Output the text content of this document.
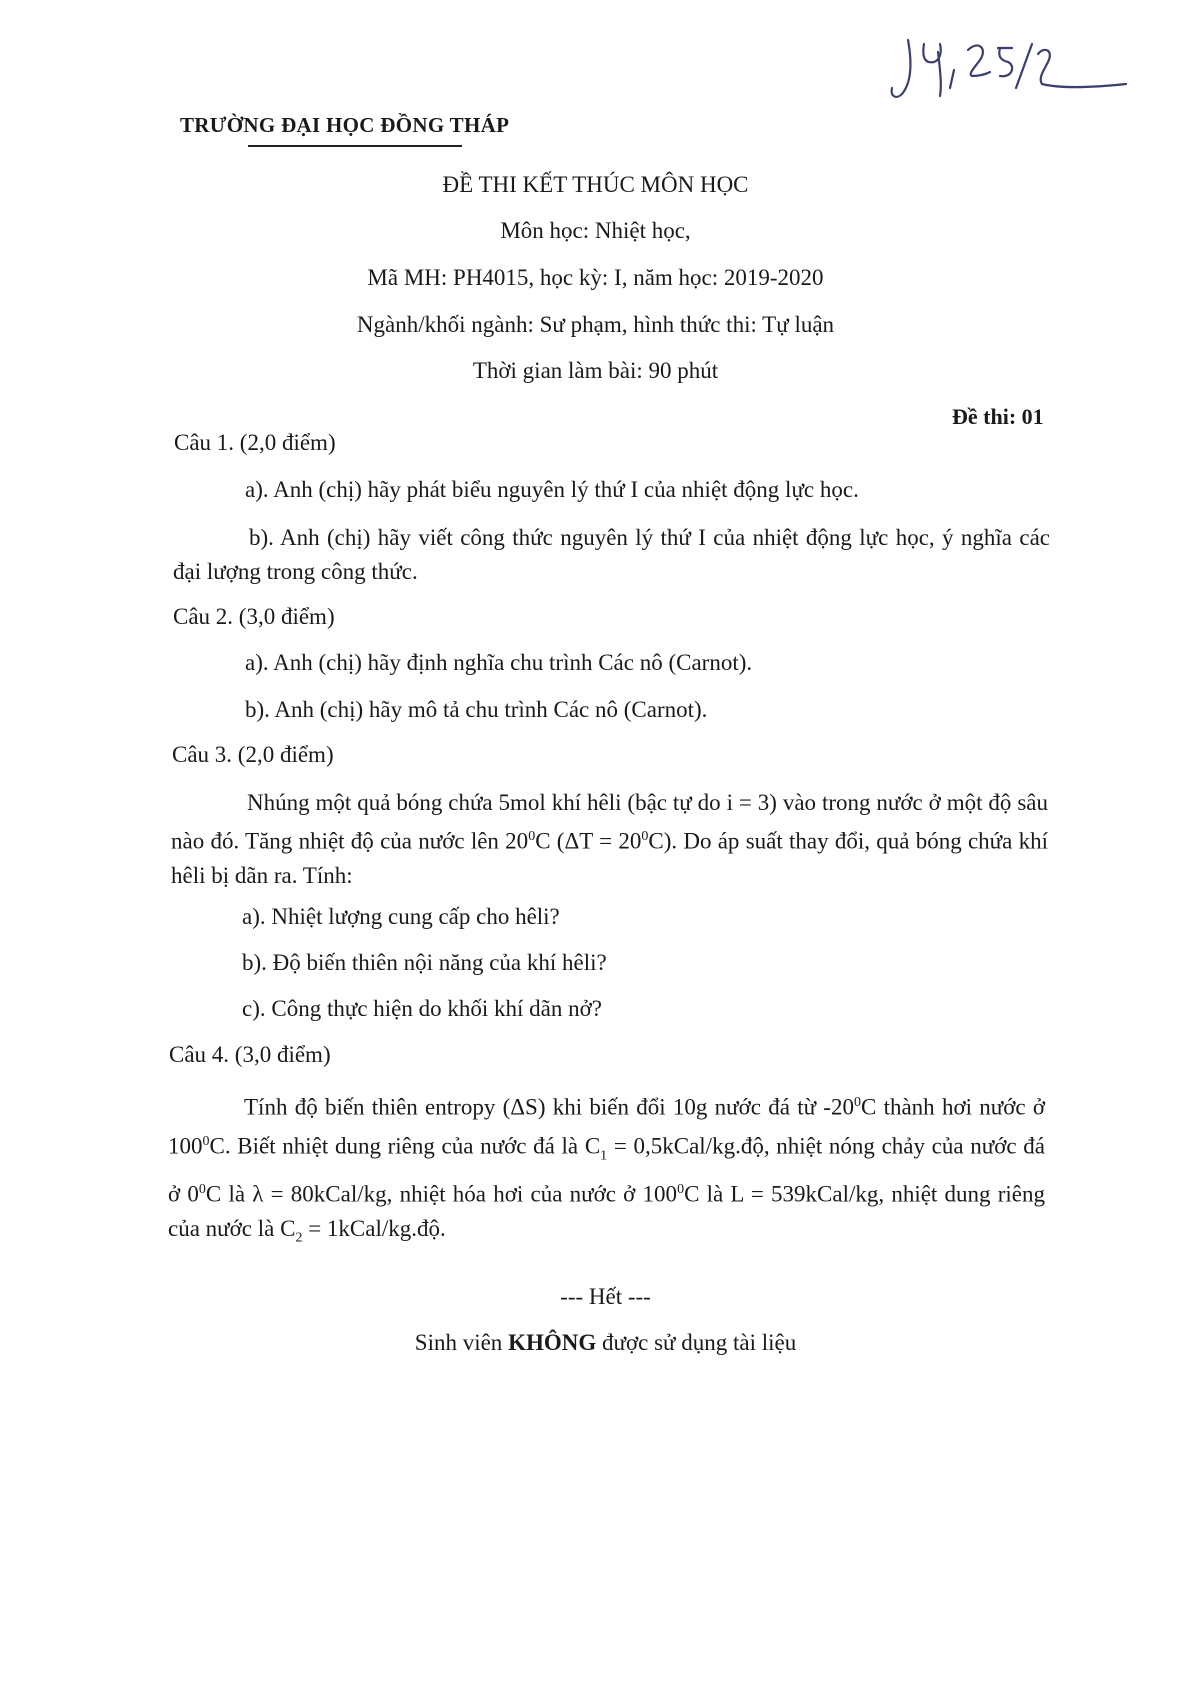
TRƯỜNG ĐẠI HỌC ĐỒNG THÁP
ĐỀ THI KẾT THÚC MÔN HỌC
Môn học: Nhiệt học,
Mã MH: PH4015, học kỳ: I, năm học: 2019-2020
Ngành/khối ngành: Sư phạm, hình thức thi: Tự luận
Thời gian làm bài: 90 phút
Đề thi: 01
Câu 1. (2,0 điểm)
a). Anh (chị) hãy phát biểu nguyên lý thứ I của nhiệt động lực học.
b). Anh (chị) hãy viết công thức nguyên lý thứ I của nhiệt động lực học, ý nghĩa các đại lượng trong công thức.
Câu 2. (3,0 điểm)
a). Anh (chị) hãy định nghĩa chu trình Các nô (Carnot).
b). Anh (chị) hãy mô tả chu trình Các nô (Carnot).
Câu 3. (2,0 điểm)
Nhúng một quả bóng chứa 5mol khí hêli (bậc tự do i = 3) vào trong nước ở một độ sâu nào đó. Tăng nhiệt độ của nước lên $20^0C$ $(\Delta T = 20^0C)$. Do áp suất thay đổi, quả bóng chứa khí hêli bị dãn ra. Tính:
a). Nhiệt lượng cung cấp cho hêli?
b). Độ biến thiên nội năng của khí hêli?
c). Công thực hiện do khối khí dãn nở?
Câu 4. (3,0 điểm)
Tính độ biến thiên entropy (ΔS) khi biến đổi 10g nước đá từ $-20^0C$ thành hơi nước ở $100^0C$. Biết nhiệt dung riêng của nước đá là $C_1$ = 0,5kCal/kg.độ, nhiệt nóng chảy của nước đá ở $0^0C$ là λ = 80kCal/kg, nhiệt hóa hơi của nước ở $100^0C$ là L = 539kCal/kg, nhiệt dung riêng của nước là $C_2$ = 1kCal/kg.độ.
--- Hết ---
Sinh viên KHÔNG được sử dụng tài liệu
